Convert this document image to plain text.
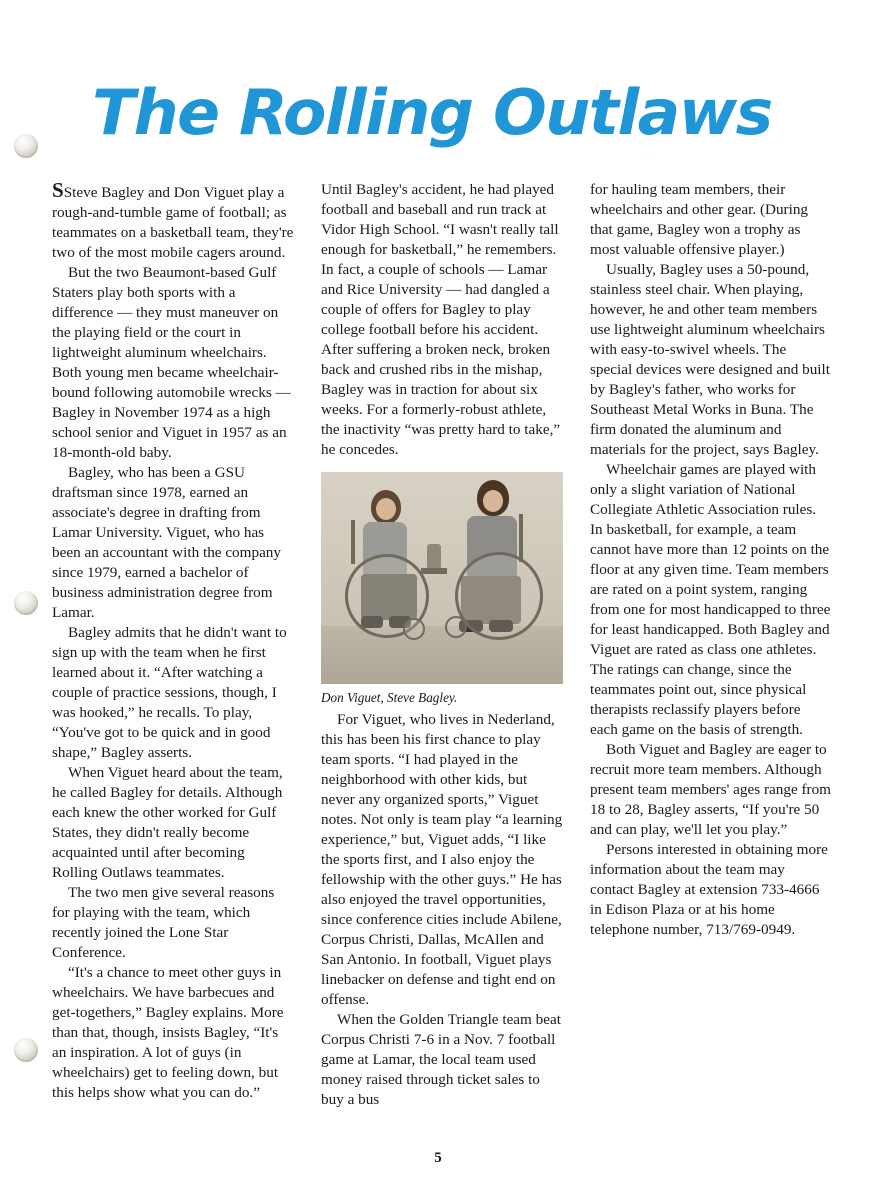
The Rolling Outlaws

SSteve Bagley and Don Viguet play a rough-and-tumble game of football; as teammates on a basketball team, they're two of the most mobile cagers around.

But the two Beaumont-based Gulf Staters play both sports with a difference — they must maneuver on the playing field or the court in lightweight aluminum wheelchairs. Both young men became wheelchair-bound following automobile wrecks — Bagley in November 1974 as a high school senior and Viguet in 1957 as an 18-month-old baby.

Bagley, who has been a GSU draftsman since 1978, earned an associate's degree in drafting from Lamar University. Viguet, who has been an accountant with the company since 1979, earned a bachelor of business administration degree from Lamar.

Bagley admits that he didn't want to sign up with the team when he first learned about it. “After watching a couple of practice sessions, though, I was hooked,” he recalls. To play, “You've got to be quick and in good shape,” Bagley asserts.

When Viguet heard about the team, he called Bagley for details. Although each knew the other worked for Gulf States, they didn't really become acquainted until after becoming Rolling Outlaws teammates.

The two men give several reasons for playing with the team, which recently joined the Lone Star Conference.

“It's a chance to meet other guys in wheelchairs. We have barbecues and get-togethers,” Bagley explains. More than that, though, insists Bagley, “It's an inspiration. A lot of guys (in wheelchairs) get to feeling down, but this helps show what you can do.”

Until Bagley's accident, he had played football and baseball and run track at Vidor High School. “I wasn't really tall enough for basketball,” he remembers. In fact, a couple of schools — Lamar and Rice University — had dangled a couple of offers for Bagley to play college football before his accident. After suffering a broken neck, broken back and crushed ribs in the mishap, Bagley was in traction for about six weeks. For a formerly-robust athlete, the inactivity “was pretty hard to take,” he concedes.

Don Viguet, Steve Bagley.

For Viguet, who lives in Nederland, this has been his first chance to play team sports. “I had played in the neighborhood with other kids, but never any organized sports,” Viguet notes. Not only is team play “a learning experience,” but, Viguet adds, “I like the sports first, and I also enjoy the fellowship with the other guys.” He has also enjoyed the travel opportunities, since conference cities include Abilene, Corpus Christi, Dallas, McAllen and San Antonio. In football, Viguet plays linebacker on defense and tight end on offense.

When the Golden Triangle team beat Corpus Christi 7-6 in a Nov. 7 football game at Lamar, the local team used money raised through ticket sales to buy a bus

for hauling team members, their wheelchairs and other gear. (During that game, Bagley won a trophy as most valuable offensive player.)

Usually, Bagley uses a 50-pound, stainless steel chair. When playing, however, he and other team members use lightweight aluminum wheelchairs with easy-to-swivel wheels. The special devices were designed and built by Bagley's father, who works for Southeast Metal Works in Buna. The firm donated the aluminum and materials for the project, says Bagley.

Wheelchair games are played with only a slight variation of National Collegiate Athletic Association rules. In basketball, for example, a team cannot have more than 12 points on the floor at any given time. Team members are rated on a point system, ranging from one for most handicapped to three for least handicapped. Both Bagley and Viguet are rated as class one athletes. The ratings can change, since the teammates point out, since physical therapists reclassify players before each game on the basis of strength.

Both Viguet and Bagley are eager to recruit more team members. Although present team members' ages range from 18 to 28, Bagley asserts, “If you're 50 and can play, we'll let you play.”

Persons interested in obtaining more information about the team may contact Bagley at extension 733-4666 in Edison Plaza or at his home telephone number, 713/769-0949.

5
